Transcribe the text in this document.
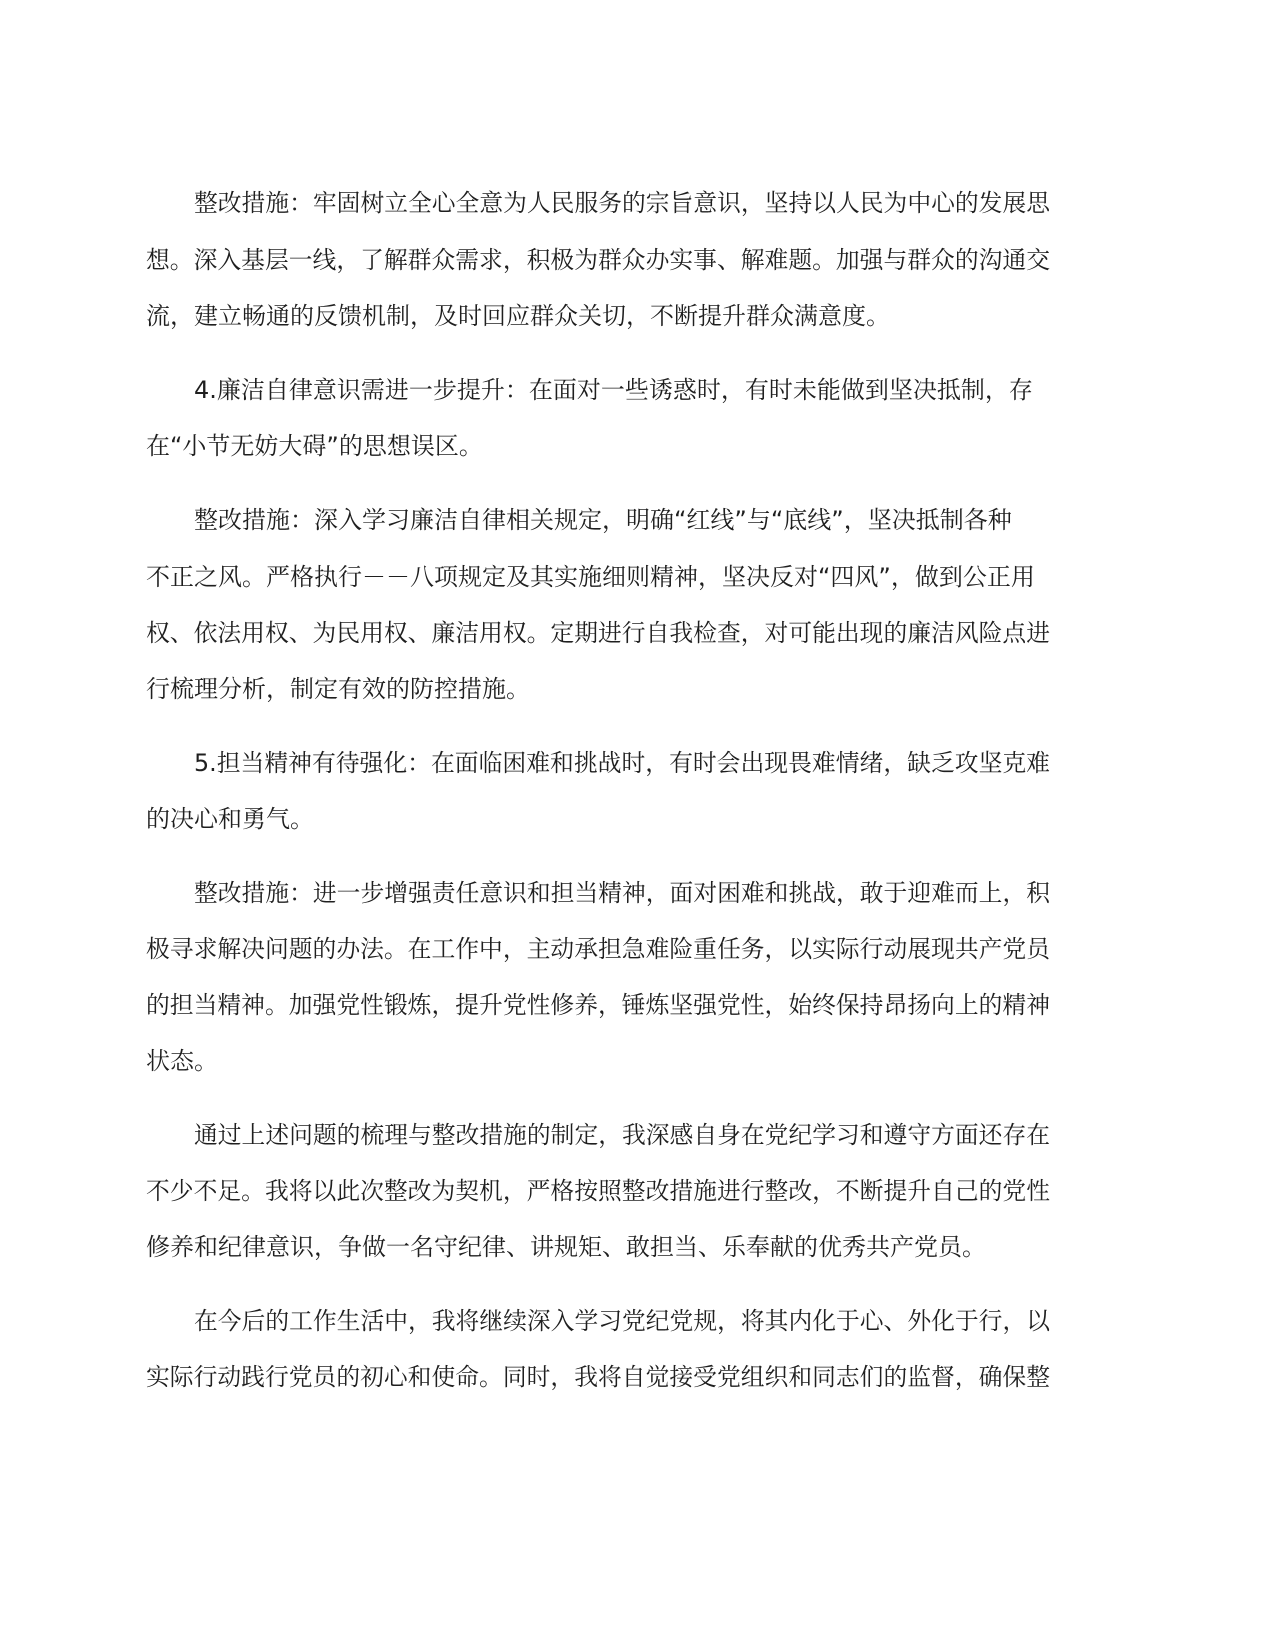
整改措施：牢固树立全心全意为人民服务的宗旨意识，坚持以人民为中心的发展思
想。深入基层一线，了解群众需求，积极为群众办实事、解难题。加强与群众的沟通交
流，建立畅通的反馈机制，及时回应群众关切，不断提升群众满意度。
4.廉洁自律意识需进一步提升：在面对一些诱惑时，有时未能做到坚决抵制，存
在“小节无妨大碍”的思想误区。
整改措施：深入学习廉洁自律相关规定，明确“红线”与“底线”，坚决抵制各种
不正之风。严格执行－－八项规定及其实施细则精神，坚决反对“四风”，做到公正用
权、依法用权、为民用权、廉洁用权。定期进行自我检查，对可能出现的廉洁风险点进
行梳理分析，制定有效的防控措施。
5.担当精神有待强化：在面临困难和挑战时，有时会出现畏难情绪，缺乏攻坚克难
的决心和勇气。
整改措施：进一步增强责任意识和担当精神，面对困难和挑战，敢于迎难而上，积
极寻求解决问题的办法。在工作中，主动承担急难险重任务，以实际行动展现共产党员
的担当精神。加强党性锻炼，提升党性修养，锤炼坚强党性，始终保持昂扬向上的精神
状态。
通过上述问题的梳理与整改措施的制定，我深感自身在党纪学习和遵守方面还存在
不少不足。我将以此次整改为契机，严格按照整改措施进行整改，不断提升自己的党性
修养和纪律意识，争做一名守纪律、讲规矩、敢担当、乐奉献的优秀共产党员。
在今后的工作生活中，我将继续深入学习党纪党规，将其内化于心、外化于行，以
实际行动践行党员的初心和使命。同时，我将自觉接受党组织和同志们的监督，确保整
